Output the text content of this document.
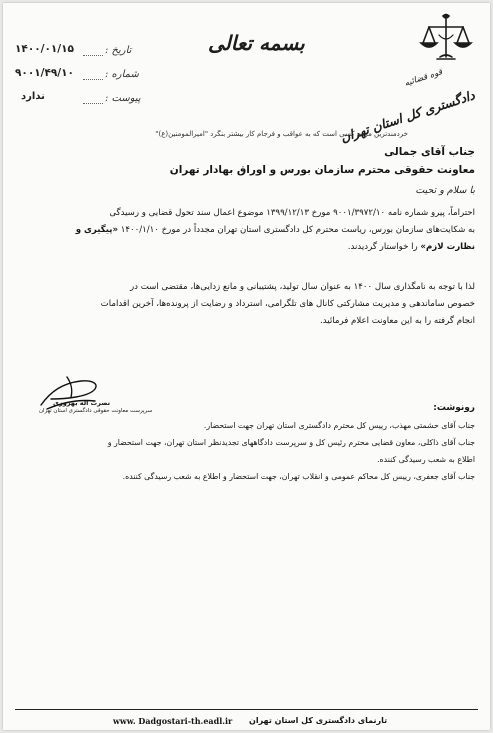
۱۴۰۰/۰۱/۱۵
۹۰۰۱/۴۹/۱۰
ندارد
تاریخ :
شماره :
پیوست :
بسمه تعالی
قوه قضائیه
دادگستری کل استان تهران
خردمندترین مردم کسی است که به عواقب و فرجام کار بیشتر بنگرد "امیرالمومنین(ع)"
جناب آقای جمالی
معاونت حقوقی محترم سازمان بورس و اوراق بهادار تهران
با سلام و تحیت
احتراماً، پیرو شماره نامه ۹۰۰۱/۳۹۷۲/۱۰ مورخ ۱۳۹۹/۱۲/۱۳ موضوع اعمال سند تحول قضایی و رسیدگی
به شکایت‌های سازمان بورس، ریاست محترم کل دادگستری استان تهران مجدداً در مورخ ۱۴۰۰/۱/۱۰ «پیگیری و
نظارت لازم» را خواستار گردیدند.
لذا با توجه به نامگذاری سال ۱۴۰۰ به عنوان سال تولید، پشتیبانی و مانع زدایی‌ها، مقتضی است در
خصوص ساماندهی و مدیریت مشارکتی کانال های تلگرامی، استرداد و رضایت از پرونده‌ها، آخرین اقدامات
انجام گرفته را به این معاونت اعلام فرمائید.
نصرت اله بهروزی
سرپرست معاونت حقوقی دادگستری استان تهران	رونوشت:
جناب آقای حشمتی مهذب، رییس کل محترم دادگستری استان تهران جهت استحضار.
جناب آقای ذاکلی، معاون قضایی محترم رئیس کل و سرپرست دادگاههای تجدیدنظر استان تهران، جهت استحضار و
اطلاع به شعب رسیدگی کننده.
جناب آقای جعفری، رییس کل محاکم عمومی و انقلاب تهران، جهت استحضار و اطلاع به شعب رسیدگی کننده.
www. Dadgostari-th.eadl.ir تارنمای دادگستری کل استان تهران
